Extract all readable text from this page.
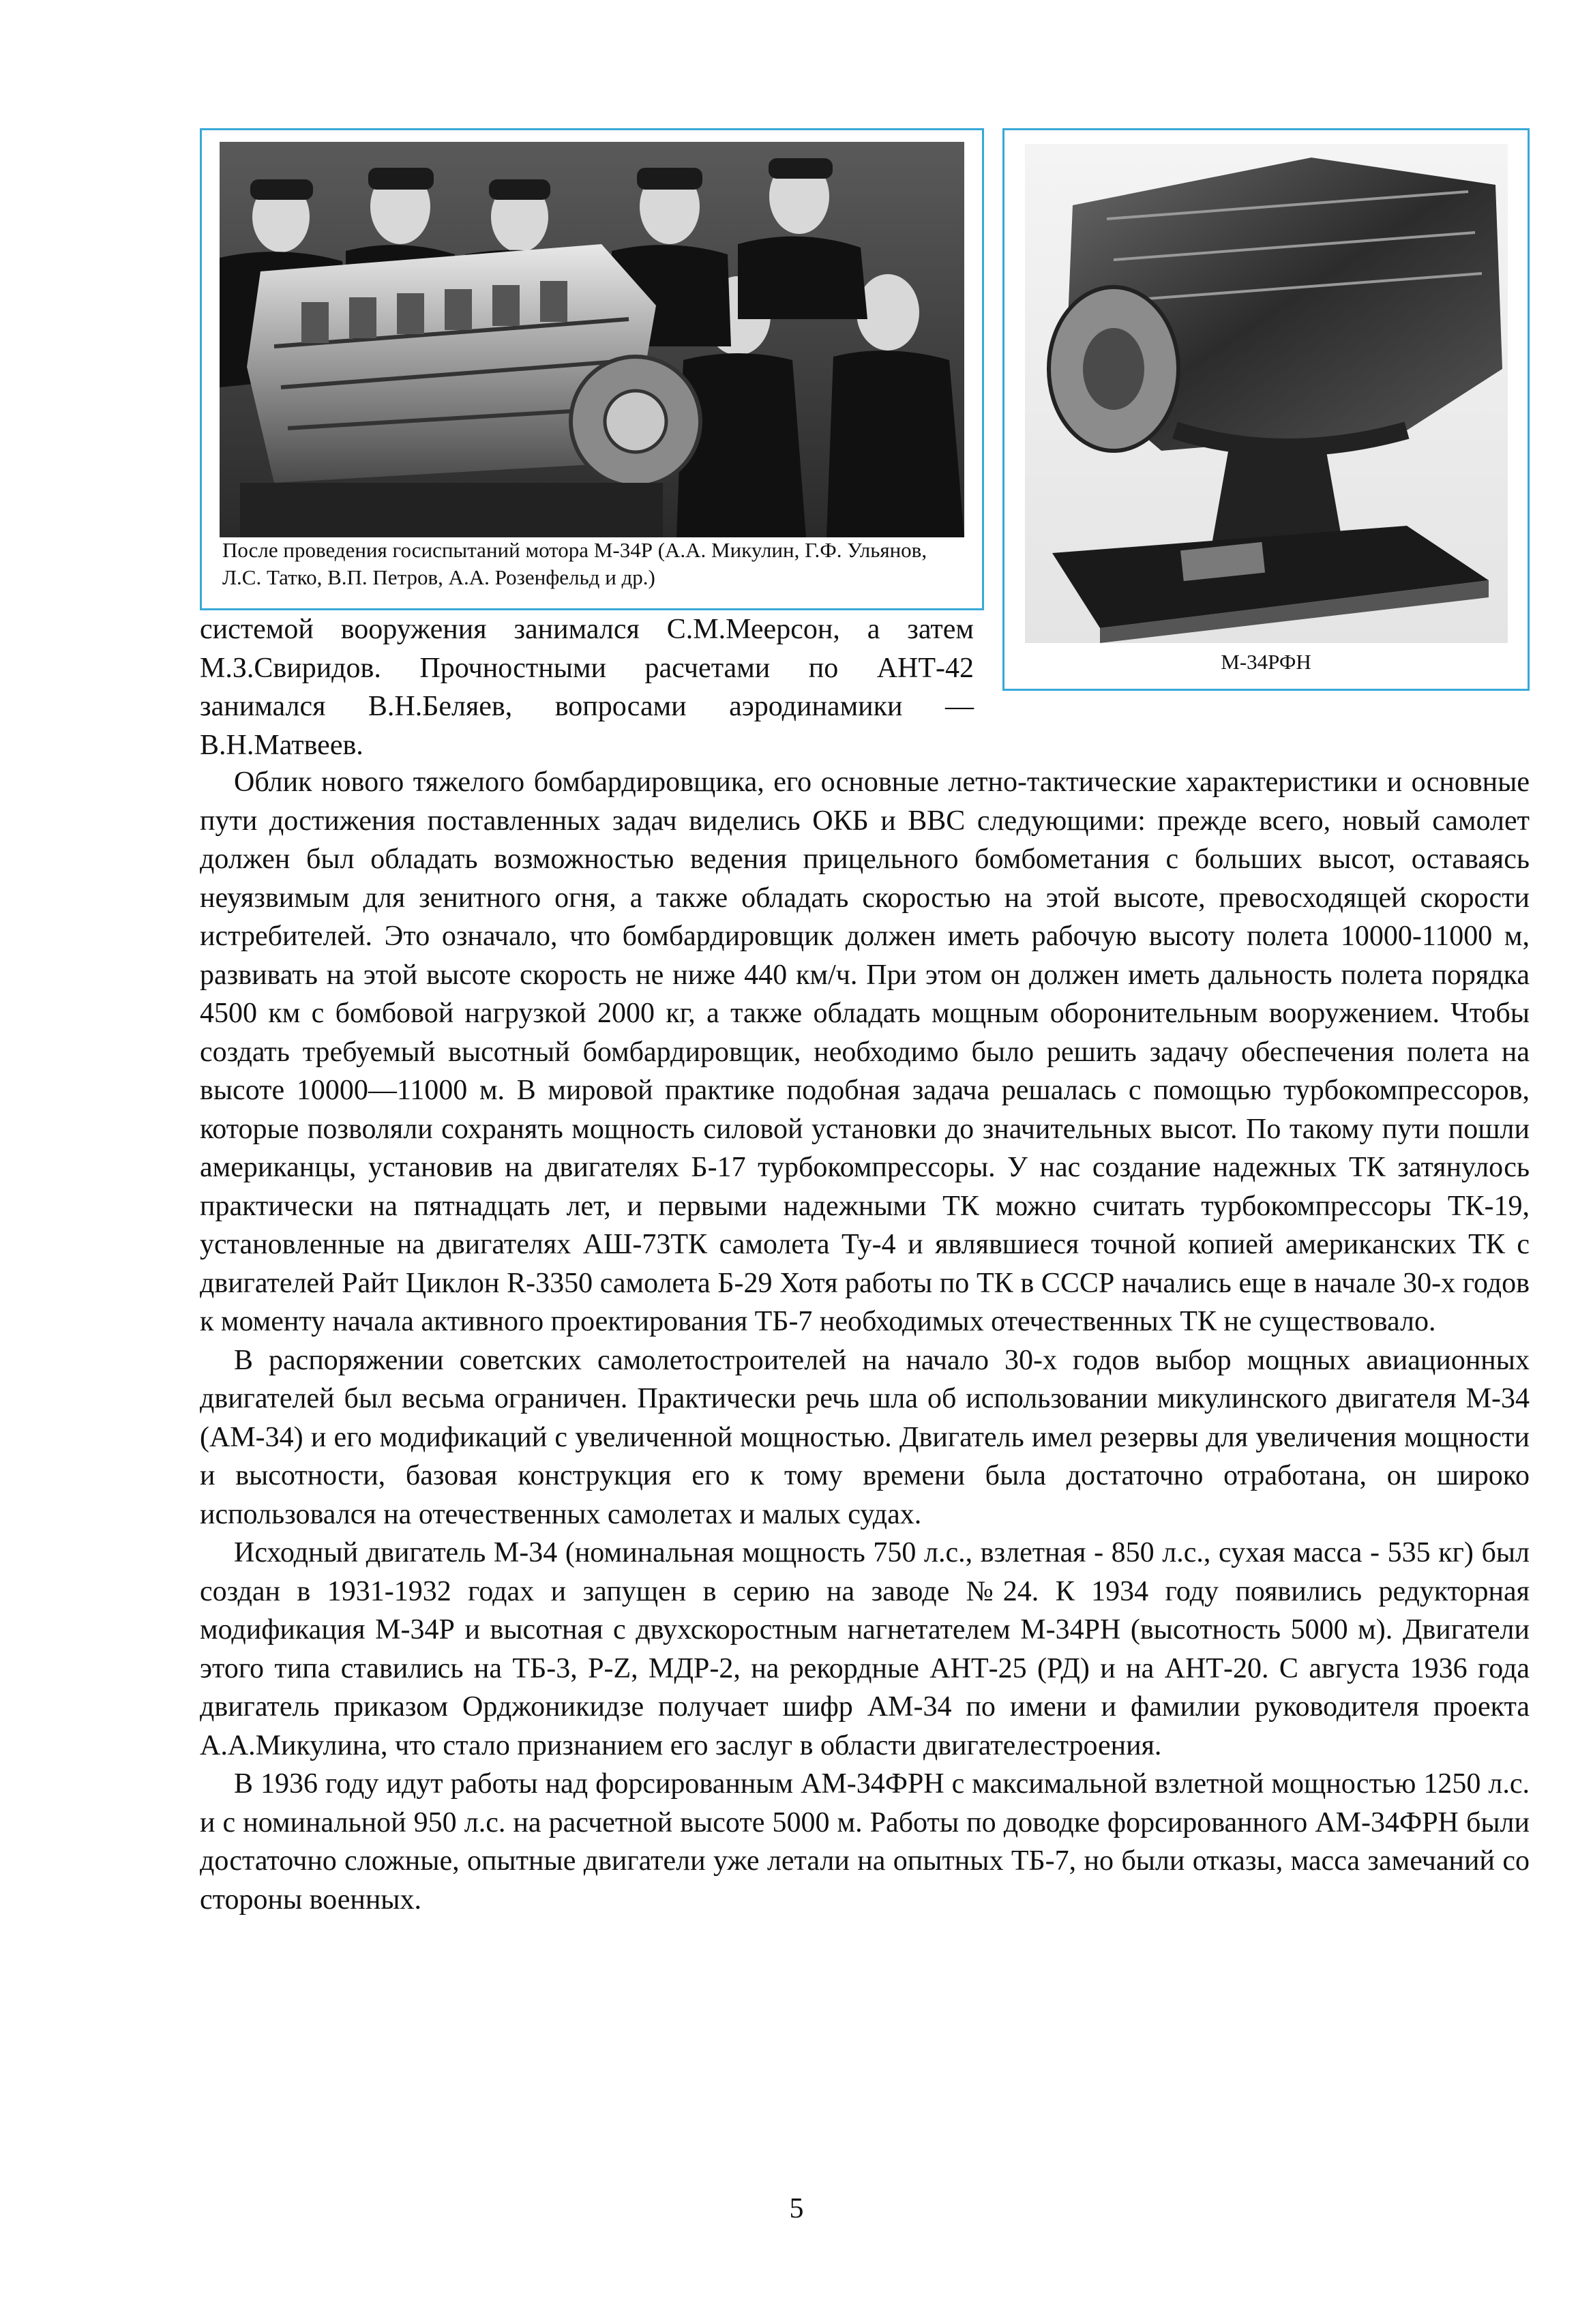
После проведения госиспытаний мотора М-34Р (А.А. Микулин, Г.Ф. Ульянов, Л.С. Татко, В.П. Петров, А.А. Розенфельд и др.)
М-34РФН

системой вооружения занимался С.М.Меерсон, а затем М.З.Свиридов. Прочностными расчетами по АНТ-42 занимался В.Н.Беляев, вопросами аэродинамики — В.Н.Матвеев.

Облик нового тяжелого бомбардировщика, его основные летно-тактические характеристики и основные пути достижения поставленных задач виделись ОКБ и ВВС следующими: прежде всего, новый самолет должен был обладать возможностью ведения прицельного бомбометания с больших высот, оставаясь неуязвимым для зенитного огня, а также обладать скоростью на этой высоте, превосходящей скорости истребителей. Это означало, что бомбардировщик должен иметь рабочую высоту полета 10000-11000 м, развивать на этой высоте скорость не ниже 440 км/ч. При этом он должен иметь дальность полета порядка 4500 км с бомбовой нагрузкой 2000 кг, а также обладать мощным оборонительным вооружением. Чтобы создать требуемый высотный бомбардировщик, необходимо было решить задачу обеспечения полета на высоте 10000—11000 м. В мировой практике подобная задача решалась с помощью турбокомпрессоров, которые позволяли сохранять мощность силовой установки до значительных высот. По такому пути пошли американцы, установив на двигателях Б-17 турбокомпрессоры. У нас создание надежных ТК затянулось практически на пятнадцать лет, и первыми надежными ТК можно считать турбокомпрессоры ТК-19, установленные на двигателях АШ-73ТК самолета Ту-4 и являвшиеся точной копией американских ТК с двигателей Райт Циклон R-3350 самолета Б-29 Хотя работы по ТК в СССР начались еще в начале 30-х годов к моменту начала активного проектирования ТБ-7 необходимых отечественных ТК не существовало.

В распоряжении советских самолетостроителей на начало 30-х годов выбор мощных авиационных двигателей был весьма ограничен. Практически речь шла об использовании микулинского двигателя М-34 (АМ-34) и его модификаций с увеличенной мощностью. Двигатель имел резервы для увеличения мощности и высотности, базовая конструкция его к тому времени была достаточно отработана, он широко использовался на отечественных самолетах и малых судах.

Исходный двигатель М-34 (номинальная мощность 750 л.с., взлетная - 850 л.с., сухая масса - 535 кг) был создан в 1931-1932 годах и запущен в серию на заводе №24. К 1934 году появились редукторная модификация М-34Р и высотная с двухскоростным нагнетателем М-34РН (высотность 5000 м). Двигатели этого типа ставились на ТБ-3, P-Z, МДР-2, на рекордные АНТ-25 (РД) и на АНТ-20. С августа 1936 года двигатель приказом Орджоникидзе получает шифр АМ-34 по имени и фамилии руководителя проекта А.А.Микулина, что стало признанием его заслуг в области двигателестроения.

В 1936 году идут работы над форсированным АМ-34ФРН с максимальной взлетной мощностью 1250 л.с. и с номинальной 950 л.с. на расчетной высоте 5000 м. Работы по доводке форсированного АМ-34ФРН были достаточно сложные, опытные двигатели уже летали на опытных ТБ-7, но были отказы, масса замечаний со стороны военных.

5
